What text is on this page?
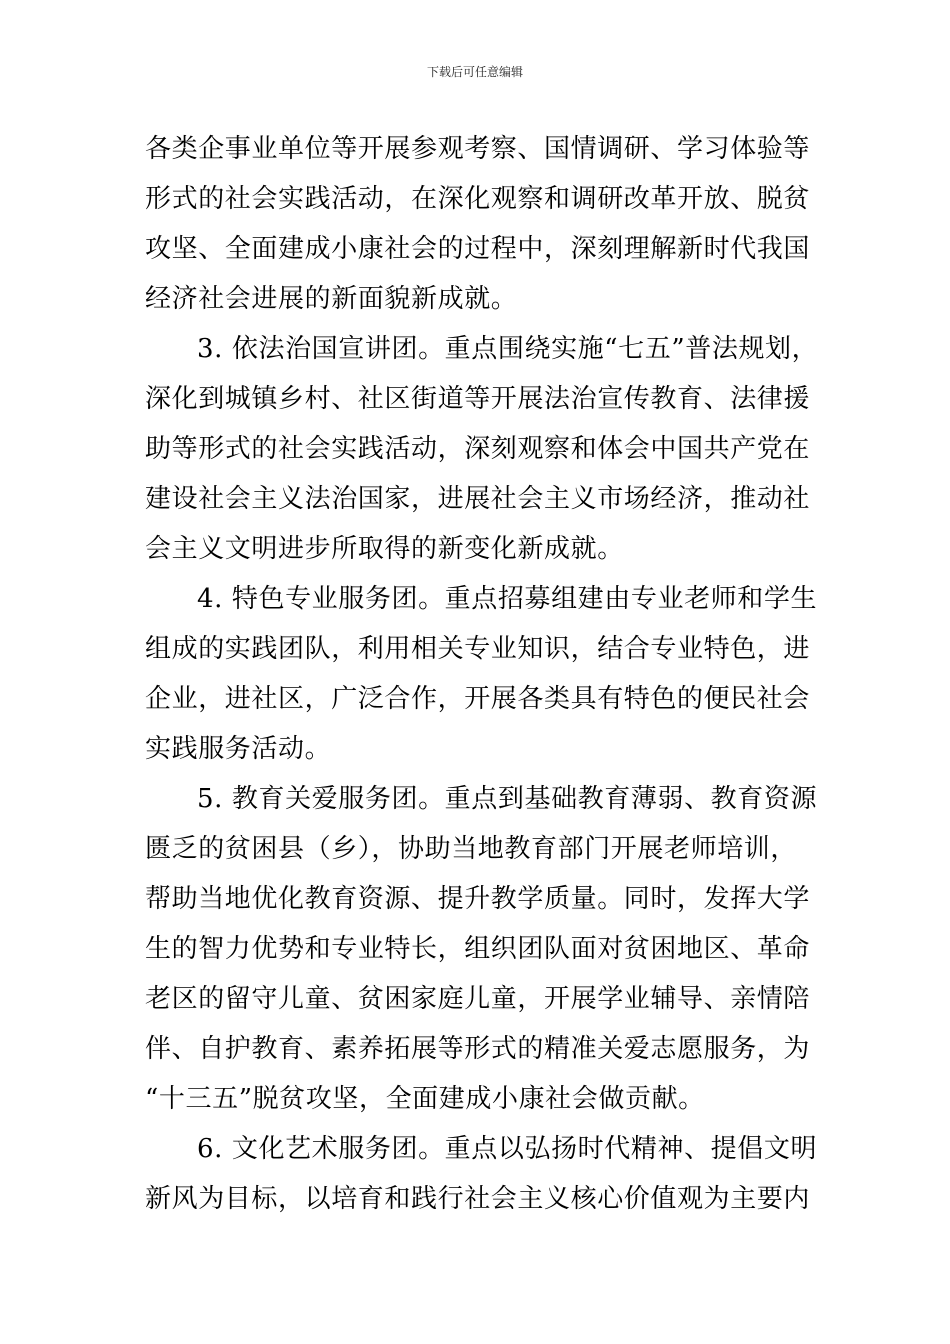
下载后可任意编辑
各类企事业单位等开展参观考察、国情调研、学习体验等
形式的社会实践活动，在深化观察和调研改革开放、脱贫
攻坚、全面建成小康社会的过程中，深刻理解新时代我国
经济社会进展的新面貌新成就。
3. 依法治国宣讲团。重点围绕实施“七五”普法规划，
深化到城镇乡村、社区街道等开展法治宣传教育、法律援
助等形式的社会实践活动，深刻观察和体会中国共产党在
建设社会主义法治国家，进展社会主义市场经济，推动社
会主义文明进步所取得的新变化新成就。
4. 特色专业服务团。重点招募组建由专业老师和学生
组成的实践团队，利用相关专业知识，结合专业特色，进
企业，进社区，广泛合作，开展各类具有特色的便民社会
实践服务活动。
5. 教育关爱服务团。重点到基础教育薄弱、教育资源
匮乏的贫困县（乡），协助当地教育部门开展老师培训，
帮助当地优化教育资源、提升教学质量。同时，发挥大学
生的智力优势和专业特长，组织团队面对贫困地区、革命
老区的留守儿童、贫困家庭儿童，开展学业辅导、亲情陪
伴、自护教育、素养拓展等形式的精准关爱志愿服务，为
“十三五”脱贫攻坚，全面建成小康社会做贡献。
6. 文化艺术服务团。重点以弘扬时代精神、提倡文明
新风为目标，以培育和践行社会主义核心价值观为主要内
